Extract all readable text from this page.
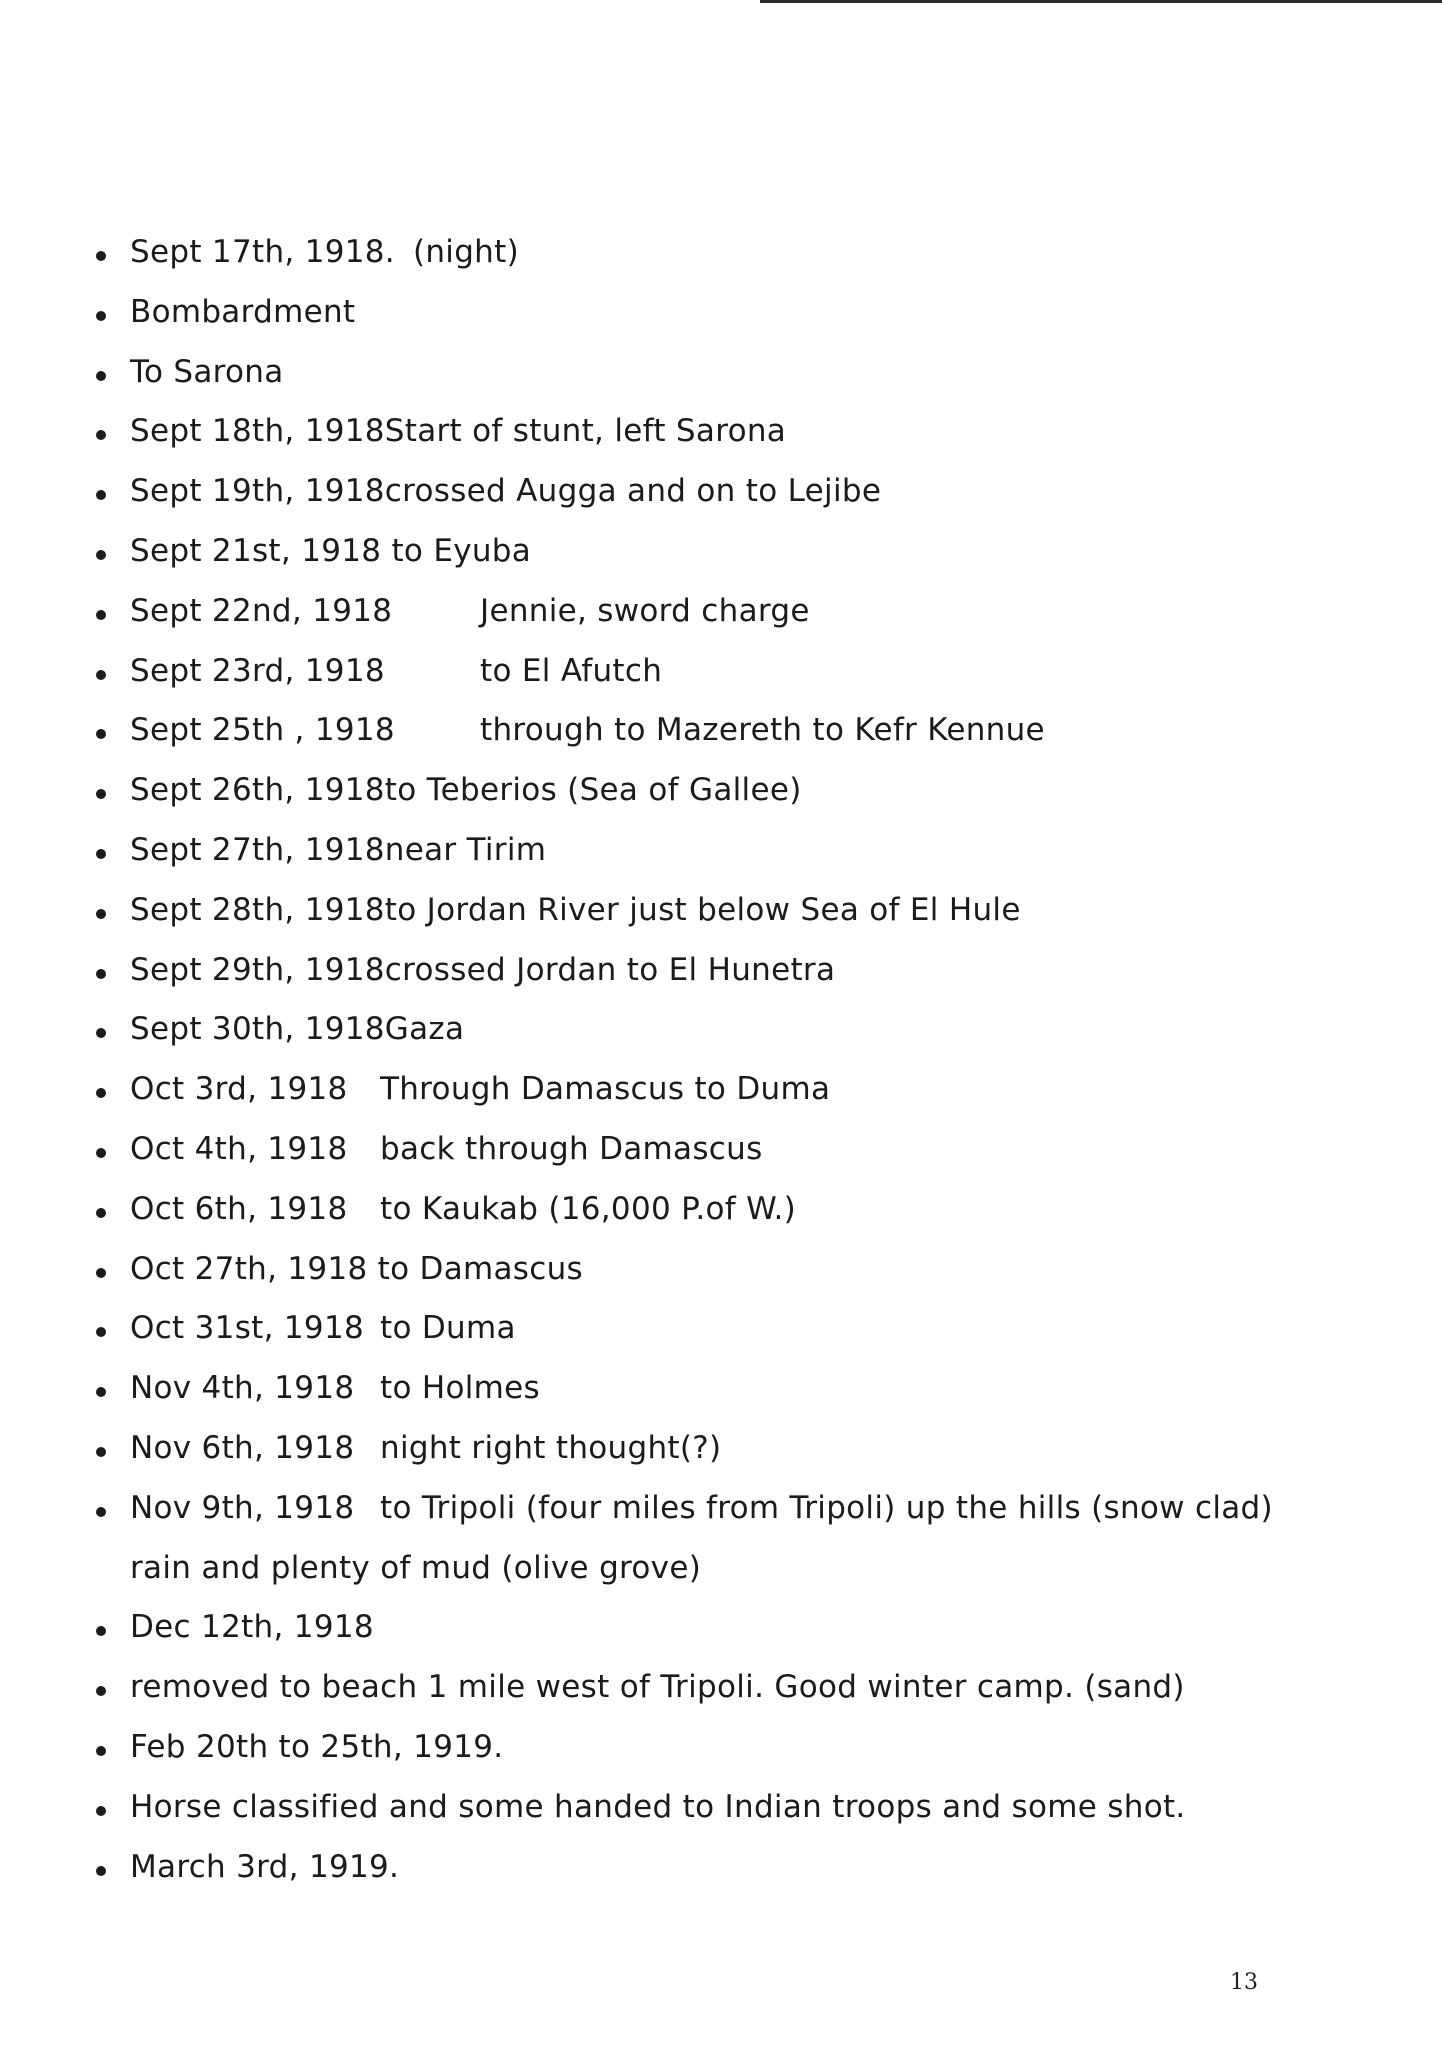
Sept 17th, 1918. (night)
Bombardment
To Sarona
Sept 18th, 1918Start of stunt, left Sarona
Sept 19th, 1918crossed Augga and on to Lejibe
Sept 21st, 1918 to Eyuba
Sept 22nd, 1918	Jennie, sword charge
Sept 23rd, 1918	to El Afutch
Sept 25th , 1918	through to Mazereth to Kefr Kennue
Sept 26th, 1918to Teberios (Sea of Gallee)
Sept 27th, 1918near Tirim
Sept 28th, 1918to Jordan River just below Sea of El Hule
Sept 29th, 1918crossed Jordan to El Hunetra
Sept 30th, 1918Gaza
Oct 3rd, 1918 Through Damascus to Duma
Oct 4th, 1918 back through Damascus
Oct 6th, 1918 to Kaukab (16,000 P.of W.)
Oct 27th, 1918 to Damascus
Oct 31st, 1918 to Duma
Nov 4th, 1918 to Holmes
Nov 6th, 1918 night right thought(?)
Nov 9th, 1918 to Tripoli (four miles from Tripoli) up the hills (snow clad) rain and plenty of mud (olive grove)
Dec 12th, 1918
removed to beach 1 mile west of Tripoli. Good winter camp. (sand)
Feb 20th to 25th, 1919.
Horse classified and some handed to Indian troops and some shot.
March 3rd, 1919.
13
